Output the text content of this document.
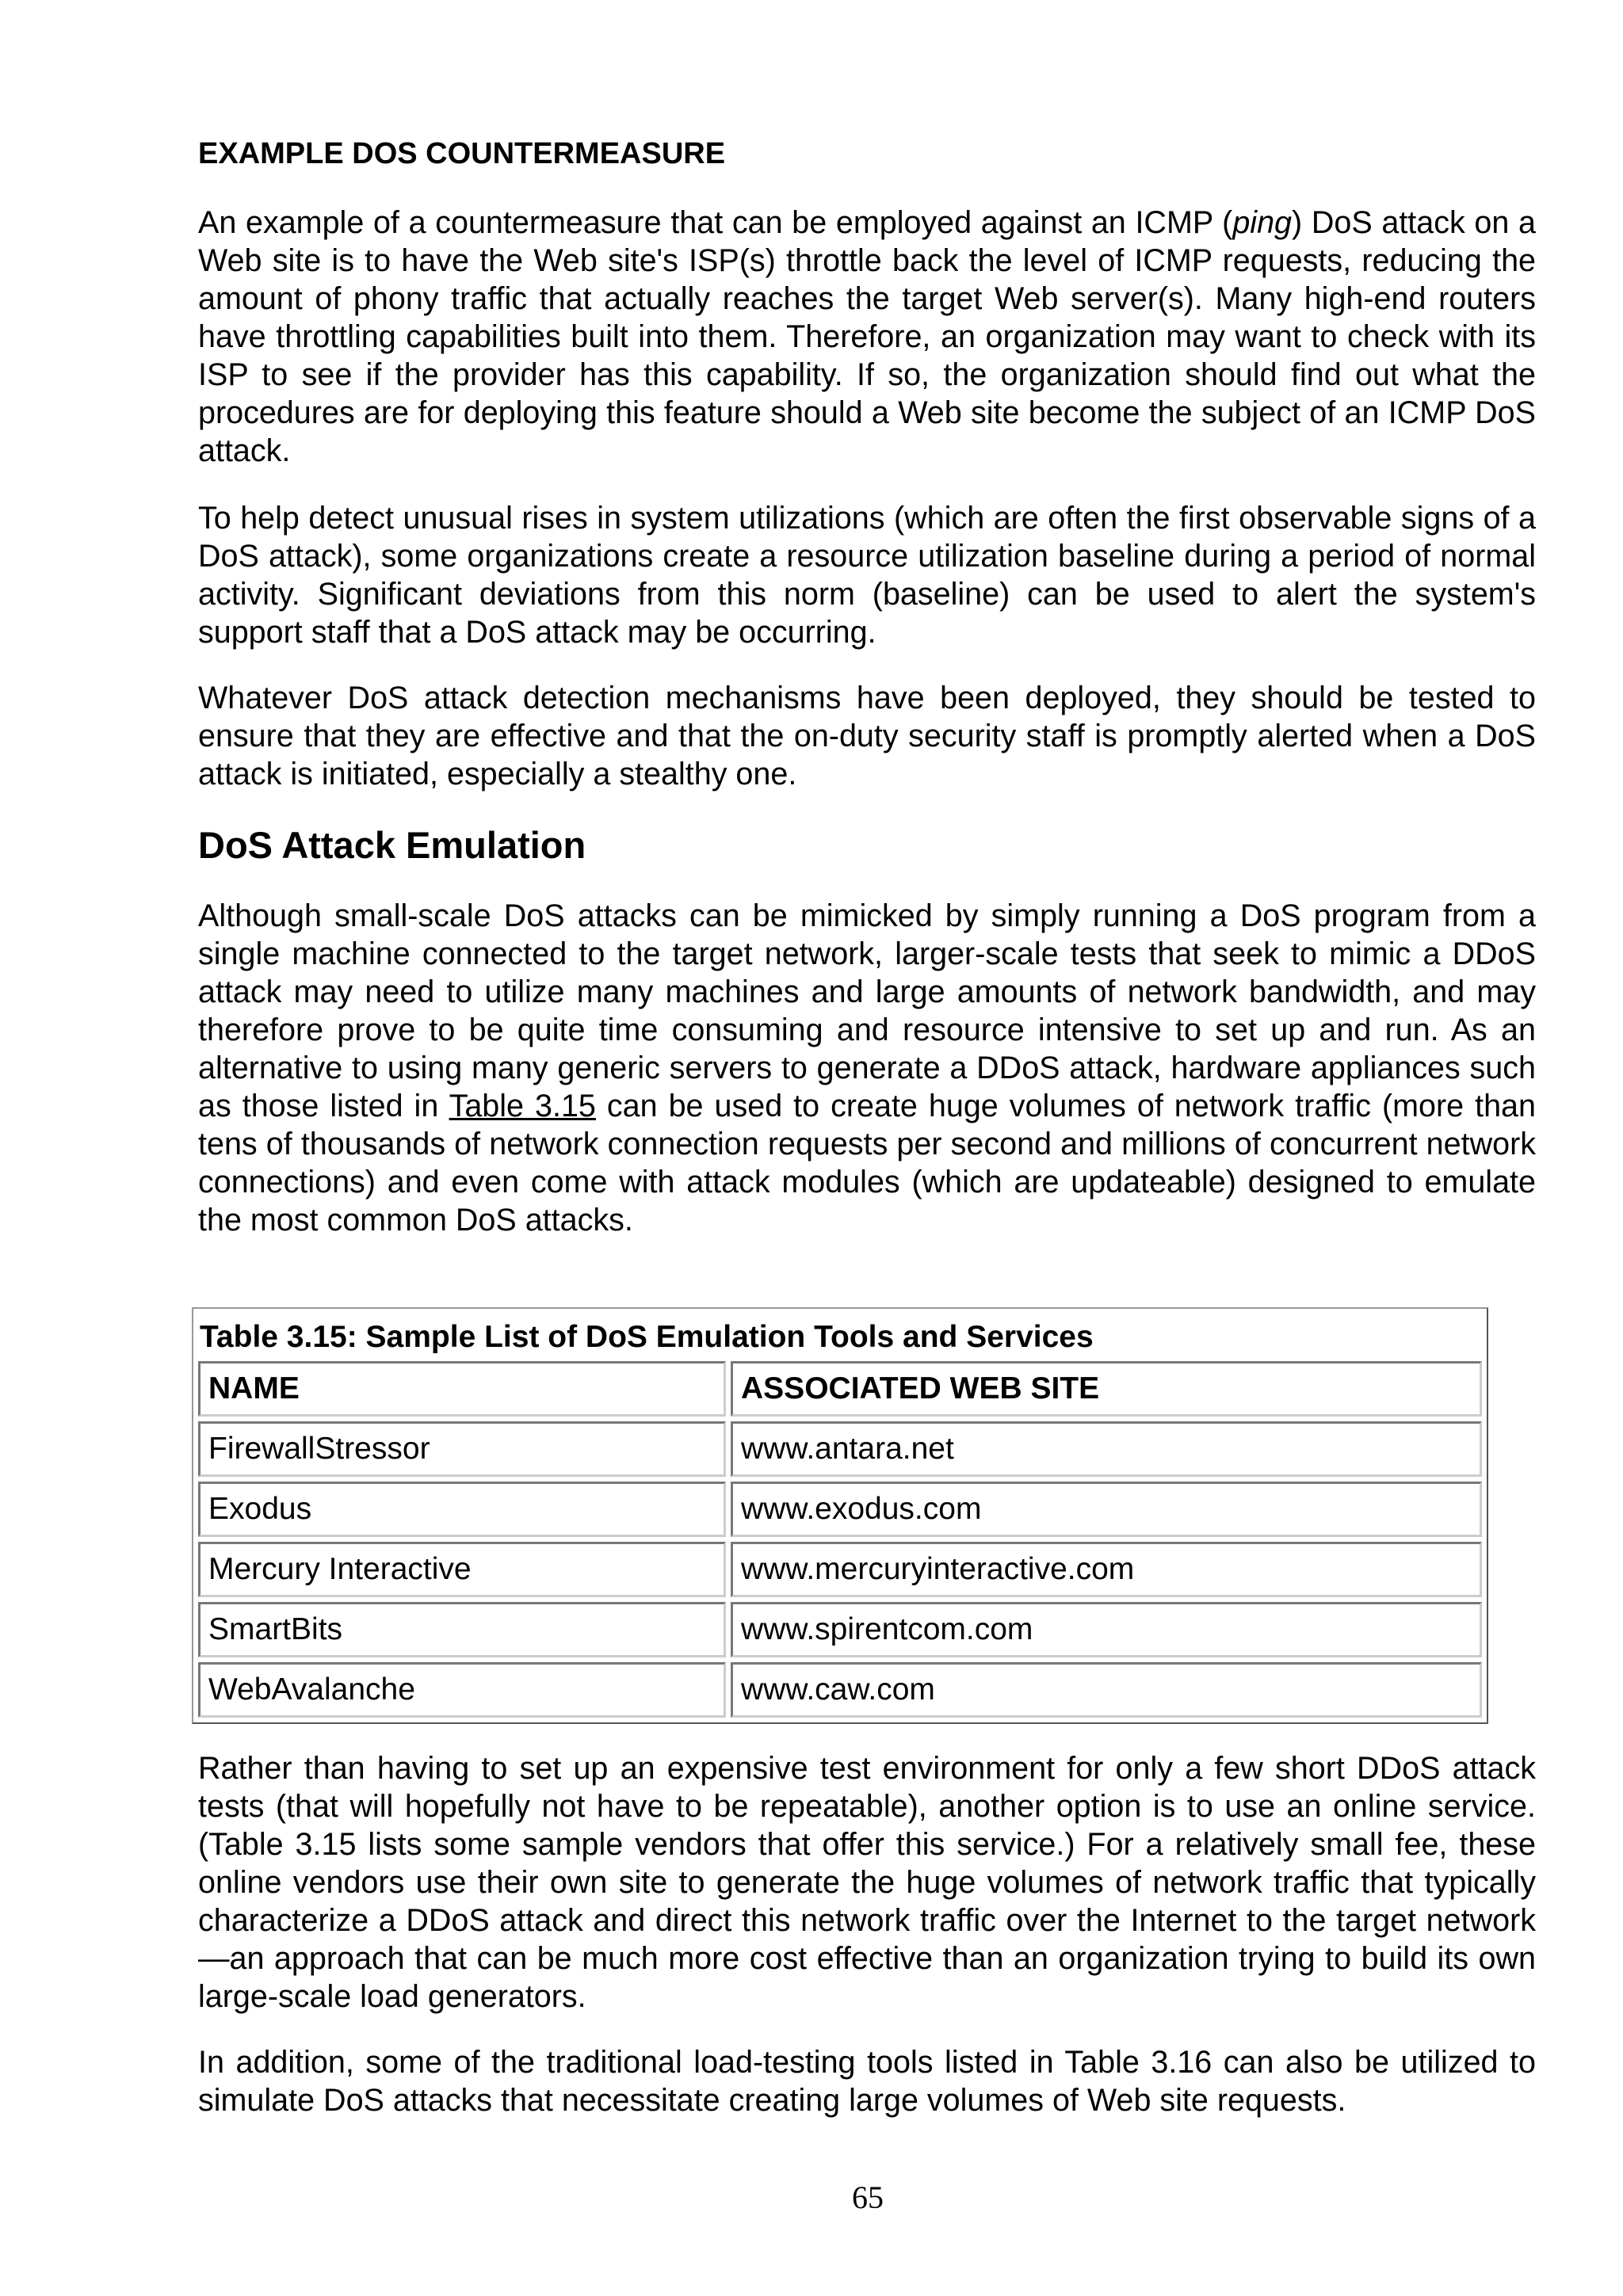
EXAMPLE DOS COUNTERMEASURE
An example of a countermeasure that can be employed against an ICMP (ping) DoS attack on a Web site is to have the Web site's ISP(s) throttle back the level of ICMP requests, reducing the amount of phony traffic that actually reaches the target Web server(s). Many high-end routers have throttling capabilities built into them. Therefore, an organization may want to check with its ISP to see if the provider has this capability. If so, the organization should find out what the procedures are for deploying this feature should a Web site become the subject of an ICMP DoS attack.
To help detect unusual rises in system utilizations (which are often the first observable signs of a DoS attack), some organizations create a resource utilization baseline during a period of normal activity. Significant deviations from this norm (baseline) can be used to alert the system's support staff that a DoS attack may be occurring.
Whatever DoS attack detection mechanisms have been deployed, they should be tested to ensure that they are effective and that the on-duty security staff is promptly alerted when a DoS attack is initiated, especially a stealthy one.
DoS Attack Emulation
Although small-scale DoS attacks can be mimicked by simply running a DoS program from a single machine connected to the target network, larger-scale tests that seek to mimic a DDoS attack may need to utilize many machines and large amounts of network bandwidth, and may therefore prove to be quite time consuming and resource intensive to set up and run. As an alternative to using many generic servers to generate a DDoS attack, hardware appliances such as those listed in Table 3.15 can be used to create huge volumes of network traffic (more than tens of thousands of network connection requests per second and millions of concurrent network connections) and even come with attack modules (which are updateable) designed to emulate the most common DoS attacks.
Table 3.15: Sample List of DoS Emulation Tools and Services	
NAME	ASSOCIATED WEB SITE
FirewallStressor	www.antara.net
Exodus	www.exodus.com
Mercury Interactive	www.mercuryinteractive.com
SmartBits	www.spirentcom.com
WebAvalanche	www.caw.com
Rather than having to set up an expensive test environment for only a few short DDoS attack tests (that will hopefully not have to be repeatable), another option is to use an online service. (Table 3.15 lists some sample vendors that offer this service.) For a relatively small fee, these online vendors use their own site to generate the huge volumes of network traffic that typically characterize a DDoS attack and direct this network traffic over the Internet to the target network—an approach that can be much more cost effective than an organization trying to build its own large-scale load generators.
In addition, some of the traditional load-testing tools listed in Table 3.16 can also be utilized to simulate DoS attacks that necessitate creating large volumes of Web site requests.
65
